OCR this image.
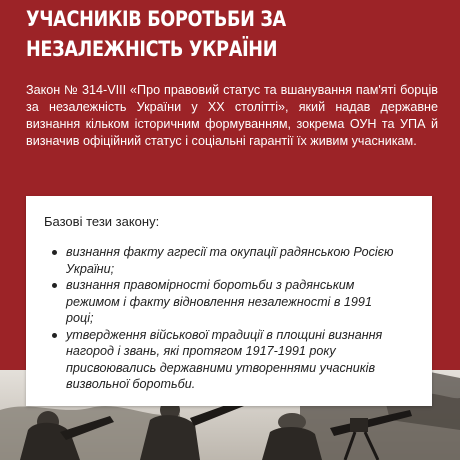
УЧАСНИКІВ БОРОТЬБИ ЗА НЕЗАЛЕЖНІСТЬ УКРАЇНИ

Закон № 314-VIII «Про правовий статус та вшанування пам'яті борців за незалежність України у ХХ столітті», який надав державне визнання кільком історичним формуванням, зокрема ОУН та УПА й визначив офіційний статус і соціальні гарантії їх живим учасникам.

Базові тези закону:
визнання факту агресії та окупації радянською Росією України;
визнання правомірності боротьби з радянським режимом і факту відновлення незалежності в 1991 році;
утвердження військової традиції в площині визнання нагород і звань, які протягом 1917-1991 року присвоювались державними утвореннями учасників визвольної боротьби.
